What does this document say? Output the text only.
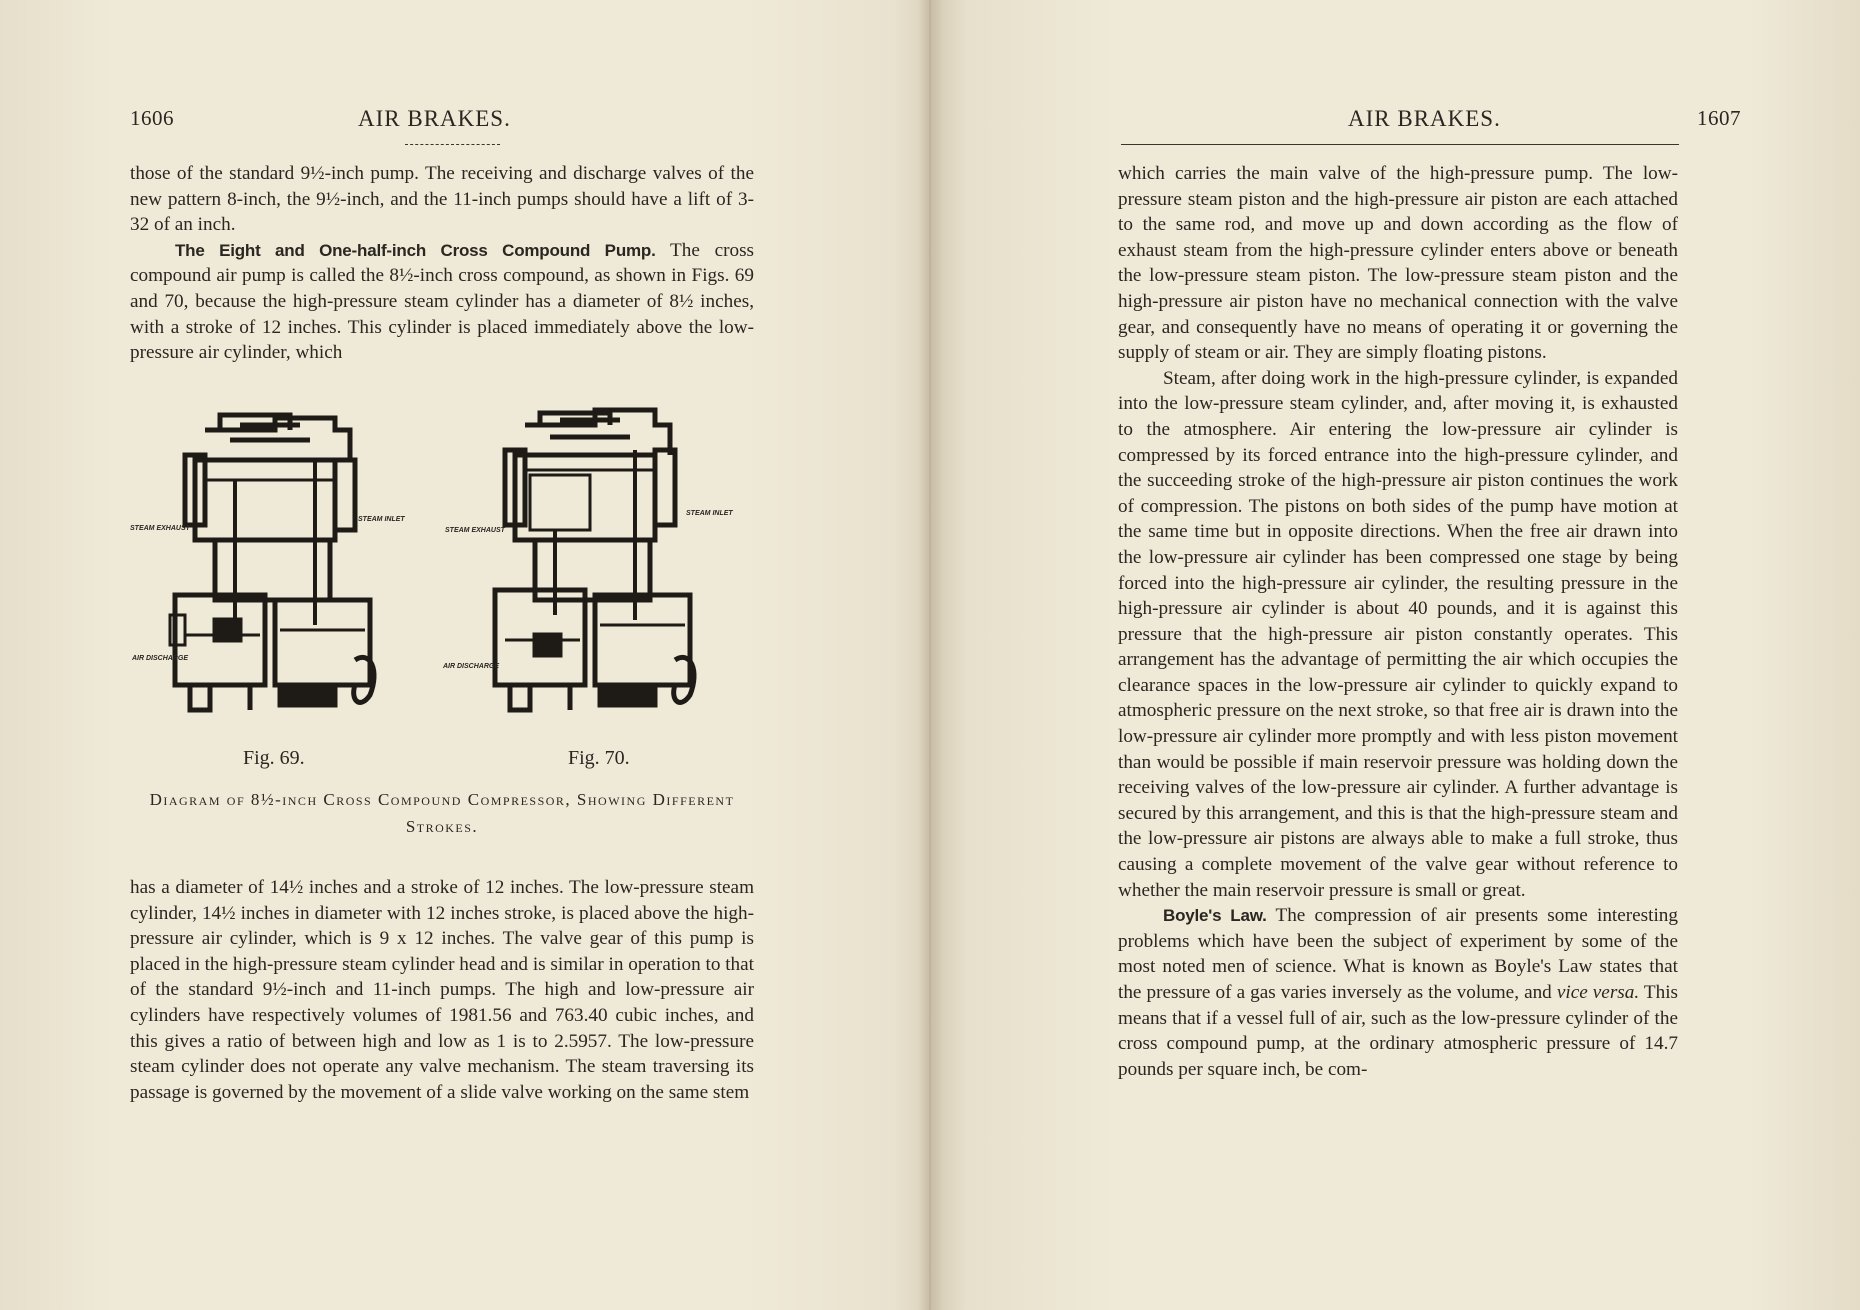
1606	AIR BRAKES.

those of the standard 9½-inch pump. The receiving and discharge valves of the new pattern 8-inch, the 9½-inch, and the 11-inch pumps should have a lift of 3-32 of an inch.

The Eight and One-half-inch Cross Compound Pump. The cross compound air pump is called the 8½-inch cross compound, as shown in Figs. 69 and 70, because the high-pressure steam cylinder has a diameter of 8½ inches, with a stroke of 12 inches. This cylinder is placed immediately above the low-pressure air cylinder, which

STEAM EXHAUST
STEAM INLET
AIR DISCHARGE
STEAM EXHAUST
STEAM INLET
AIR DISCHARGE
Fig. 69.	Fig. 70.
Diagram of 8½-inch Cross Compound Compressor, Showing Different Strokes.

has a diameter of 14½ inches and a stroke of 12 inches. The low-pressure steam cylinder, 14½ inches in diameter with 12 inches stroke, is placed above the high-pressure air cylinder, which is 9 x 12 inches. The valve gear of this pump is placed in the high-pressure steam cylinder head and is similar in operation to that of the standard 9½-inch and 11-inch pumps. The high and low-pressure air cylinders have respectively volumes of 1981.56 and 763.40 cubic inches, and this gives a ratio of between high and low as 1 is to 2.5957. The low-pressure steam cylinder does not operate any valve mechanism. The steam traversing its passage is governed by the movement of a slide valve working on the same stem

AIR BRAKES.	1607

which carries the main valve of the high-pressure pump. The low-pressure steam piston and the high-pressure air piston are each attached to the same rod, and move up and down according as the flow of exhaust steam from the high-pressure cylinder enters above or beneath the low-pressure steam piston. The low-pressure steam piston and the high-pressure air piston have no mechanical connection with the valve gear, and consequently have no means of operating it or governing the supply of steam or air. They are simply floating pistons.

Steam, after doing work in the high-pressure cylinder, is expanded into the low-pressure steam cylinder, and, after moving it, is exhausted to the atmosphere. Air entering the low-pressure air cylinder is compressed by its forced entrance into the high-pressure cylinder, and the succeeding stroke of the high-pressure air piston continues the work of compression. The pistons on both sides of the pump have motion at the same time but in opposite directions. When the free air drawn into the low-pressure air cylinder has been compressed one stage by being forced into the high-pressure air cylinder, the resulting pressure in the high-pressure air cylinder is about 40 pounds, and it is against this pressure that the high-pressure air piston constantly operates. This arrangement has the advantage of permitting the air which occupies the clearance spaces in the low-pressure air cylinder to quickly expand to atmospheric pressure on the next stroke, so that free air is drawn into the low-pressure air cylinder more promptly and with less piston movement than would be possible if main reservoir pressure was holding down the receiving valves of the low-pressure air cylinder. A further advantage is secured by this arrangement, and this is that the high-pressure steam and the low-pressure air pistons are always able to make a full stroke, thus causing a complete movement of the valve gear without reference to whether the main reservoir pressure is small or great.

Boyle's Law. The compression of air presents some interesting problems which have been the subject of experiment by some of the most noted men of science. What is known as Boyle's Law states that the pressure of a gas varies inversely as the volume, and vice versa. This means that if a vessel full of air, such as the low-pressure cylinder of the cross compound pump, at the ordinary atmospheric pressure of 14.7 pounds per square inch, be com-
